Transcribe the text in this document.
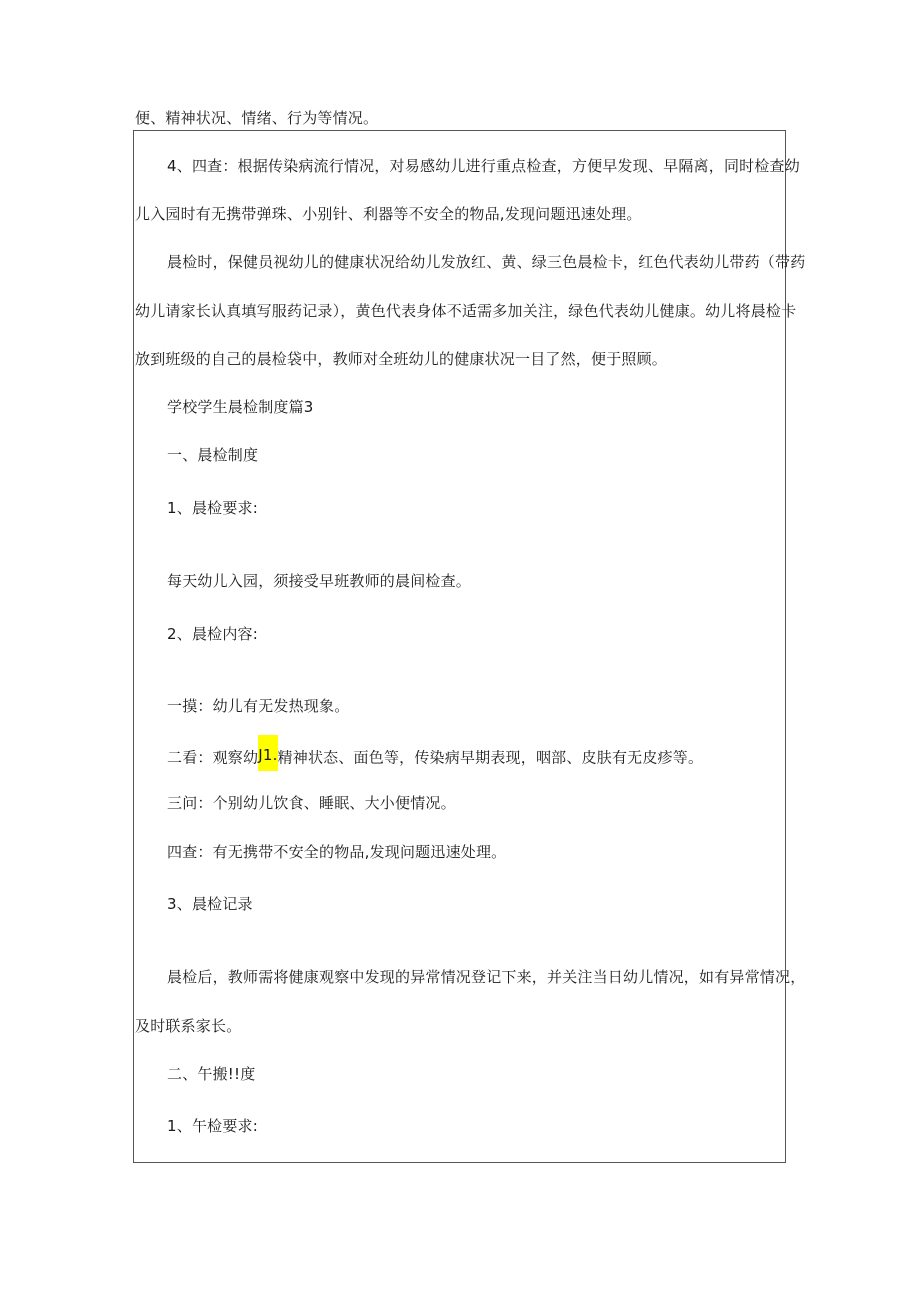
便、精神状况、情绪、行为等情况。
4、四查：根据传染病流行情况，对易感幼儿进行重点检查，方便早发现、早隔离，同时检查幼
儿入园时有无携带弹珠、小别针、利器等不安全的物品,发现问题迅速处理。
晨检时，保健员视幼儿的健康状况给幼儿发放红、黄、绿三色晨检卡，红色代表幼儿带药（带药
幼儿请家长认真填写服药记录），黄色代表身体不适需多加关注，绿色代表幼儿健康。幼儿将晨检卡
放到班级的自己的晨检袋中，教师对全班幼儿的健康状况一目了然，便于照顾。
学校学生晨检制度篇3
一、晨检制度
1、晨检要求:
每天幼儿入园，须接受早班教师的晨间检查。
2、晨检内容:
一摸：幼儿有无发热现象。
二看：观察幼J1.精神状态、面色等，传染病早期表现，咽部、皮肤有无皮疹等。
三问：个别幼儿饮食、睡眠、大小便情况。
四查：有无携带不安全的物品,发现问题迅速处理。
3、晨检记录
晨检后，教师需将健康观察中发现的异常情况登记下来，并关注当日幼儿情况，如有异常情况，
及时联系家长。
二、午搬!!度
1、午检要求:
